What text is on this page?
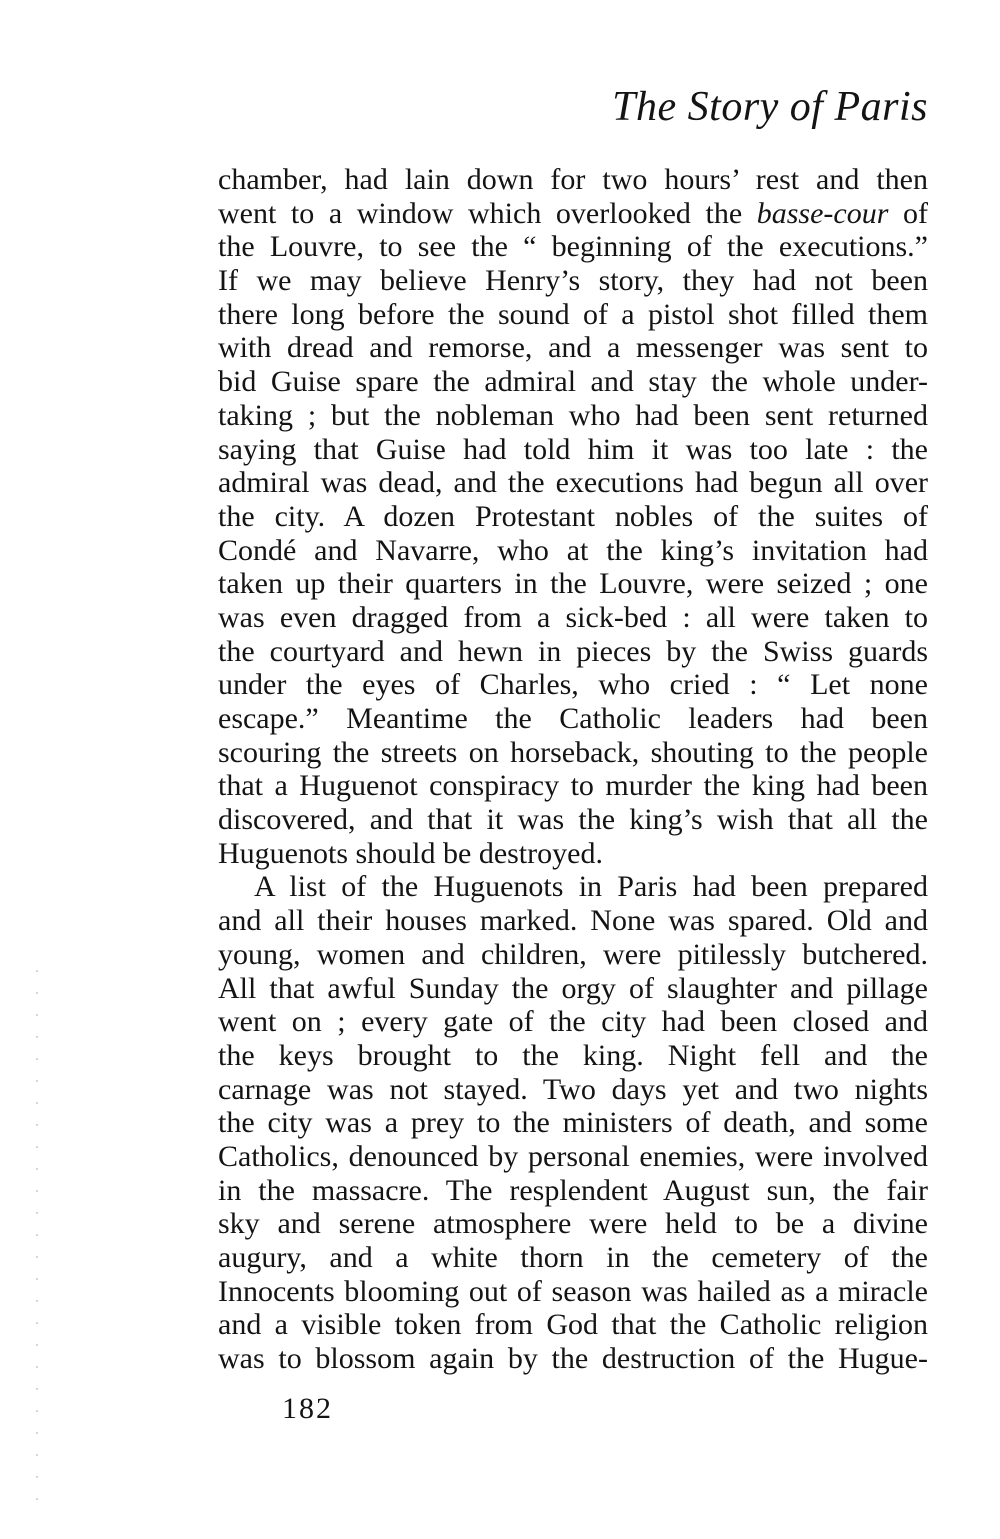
The Story of Paris
chamber, had lain down for two hours’ rest and then
went to a window which overlooked the basse-cour of
the Louvre, to see the “ beginning of the executions.”
If we may believe Henry’s story, they had not been
there long before the sound of a pistol shot filled them
with dread and remorse, and a messenger was sent to
bid Guise spare the admiral and stay the whole under-
taking ; but the nobleman who had been sent returned
saying that Guise had told him it was too late : the
admiral was dead, and the executions had begun all over
the city. A dozen Protestant nobles of the suites of
Condé and Navarre, who at the king’s invitation had
taken up their quarters in the Louvre, were seized ; one
was even dragged from a sick-bed : all were taken to
the courtyard and hewn in pieces by the Swiss guards
under the eyes of Charles, who cried : “ Let none
escape.” Meantime the Catholic leaders had been
scouring the streets on horseback, shouting to the people
that a Huguenot conspiracy to murder the king had been
discovered, and that it was the king’s wish that all the
Huguenots should be destroyed.
A list of the Huguenots in Paris had been prepared
and all their houses marked. None was spared. Old and
young, women and children, were pitilessly butchered.
All that awful Sunday the orgy of slaughter and pillage
went on ; every gate of the city had been closed and
the keys brought to the king. Night fell and the
carnage was not stayed. Two days yet and two nights
the city was a prey to the ministers of death, and some
Catholics, denounced by personal enemies, were involved
in the massacre. The resplendent August sun, the fair
sky and serene atmosphere were held to be a divine
augury, and a white thorn in the cemetery of the
Innocents blooming out of season was hailed as a miracle
and a visible token from God that the Catholic religion
was to blossom again by the destruction of the Hugue-
182
